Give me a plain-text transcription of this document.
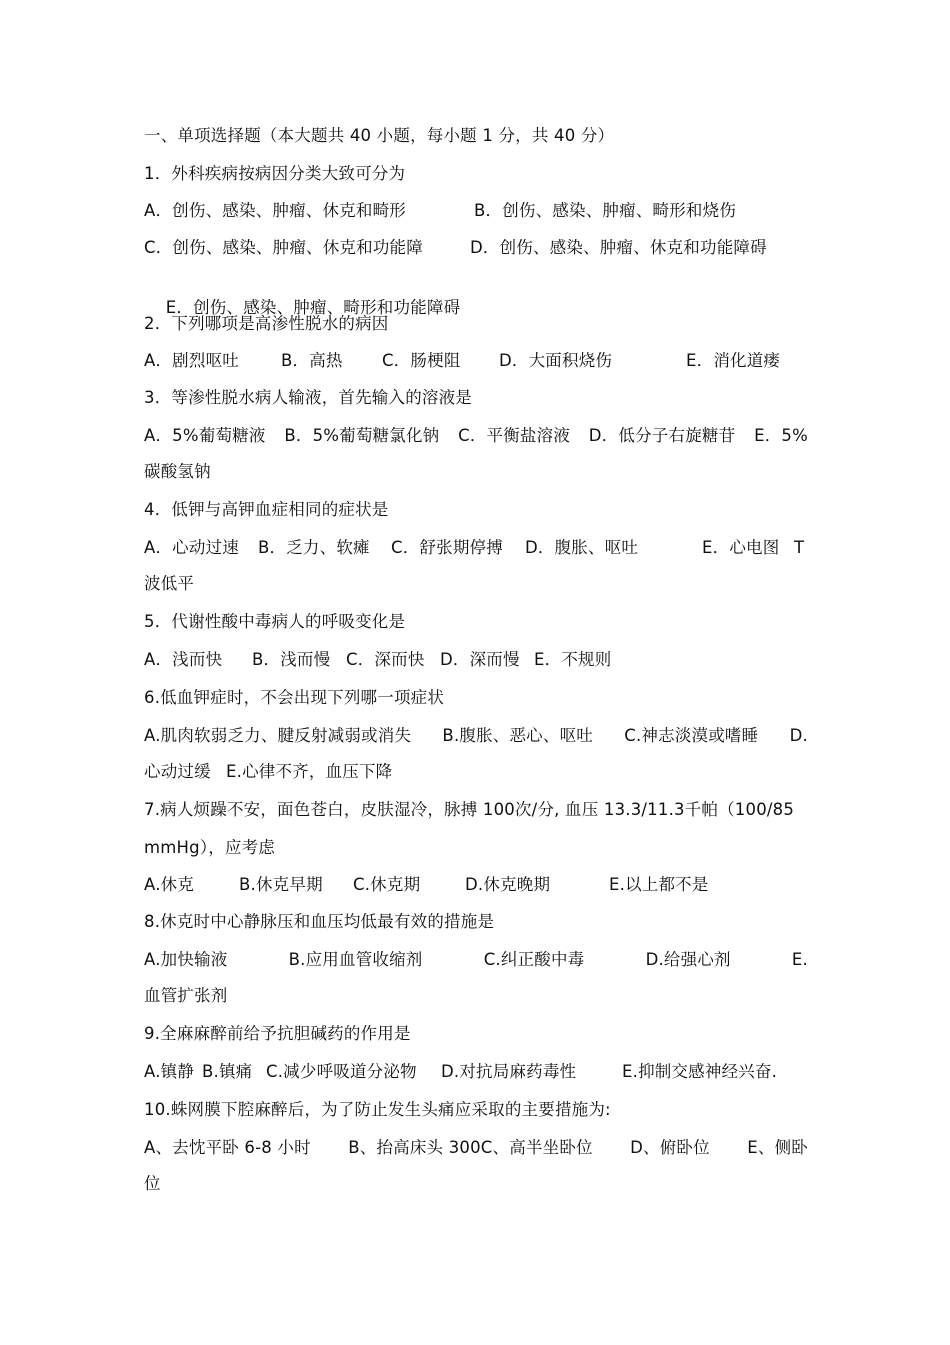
一、单项选择题（本大题共 40 小题，每小题 1 分，共 40 分）
1．外科疾病按病因分类大致可分为
A．创伤、感染、肿瘤、休克和畸形	B．创伤、感染、肿瘤、畸形和烧伤
C．创伤、感染、肿瘤、休克和功能障	D．创伤、感染、肿瘤、休克和功能障碍

E．创伤、感染、肿瘤、畸形和功能障碍

2．下列哪项是高渗性脱水的病因
A．剧烈呕吐	B．高热	C．肠梗阻	D．大面积烧伤	E．消化道瘘
3．等渗性脱水病人输液，首先输入的溶液是
A．5%葡萄糖液 B．5%葡萄糖氯化钠 C．平衡盐溶液 D．低分子右旋糖苷 E．5%
碳酸氢钠
4．低钾与高钾血症相同的症状是
A．心动过速	B．乏力、软瘫	C．舒张期停搏	D．腹胀、呕吐	E．心电图 T
波低平
5．代谢性酸中毒病人的呼吸变化是
A．浅而快	B．浅而慢 C．深而快 D．深而慢 E．不规则
6.低血钾症时，不会出现下列哪一项症状
A.肌肉软弱乏力、腱反射减弱或消失 B.腹胀、恶心、呕吐 C.神志淡漠或嗜睡 D.
心动过缓 E.心律不齐，血压下降
7.病人烦躁不安，面色苍白，皮肤湿冷，脉搏 100次/分, 血压 13.3/11.3千帕（100/85
mmHg），应考虑
A.休克	B.休克早期	C.休克期	D.休克晚期	E.以上都不是
8.休克时中心静脉压和血压均低最有效的措施是
A.加快输液	B.应用血管收缩剂	C.纠正酸中毒	D.给强心剂	E.
血管扩张剂
9.全麻麻醉前给予抗胆碱药的作用是
A.镇静 B.镇痛 C.减少呼吸道分泌物	D.对抗局麻药毒性	E.抑制交感神经兴奋.
10.蛛网膜下腔麻醉后，为了防止发生头痛应采取的主要措施为:
A、去忱平卧 6-8 小时 B、抬高床头 300C、高半坐卧位 D、俯卧位 E、侧卧
位
